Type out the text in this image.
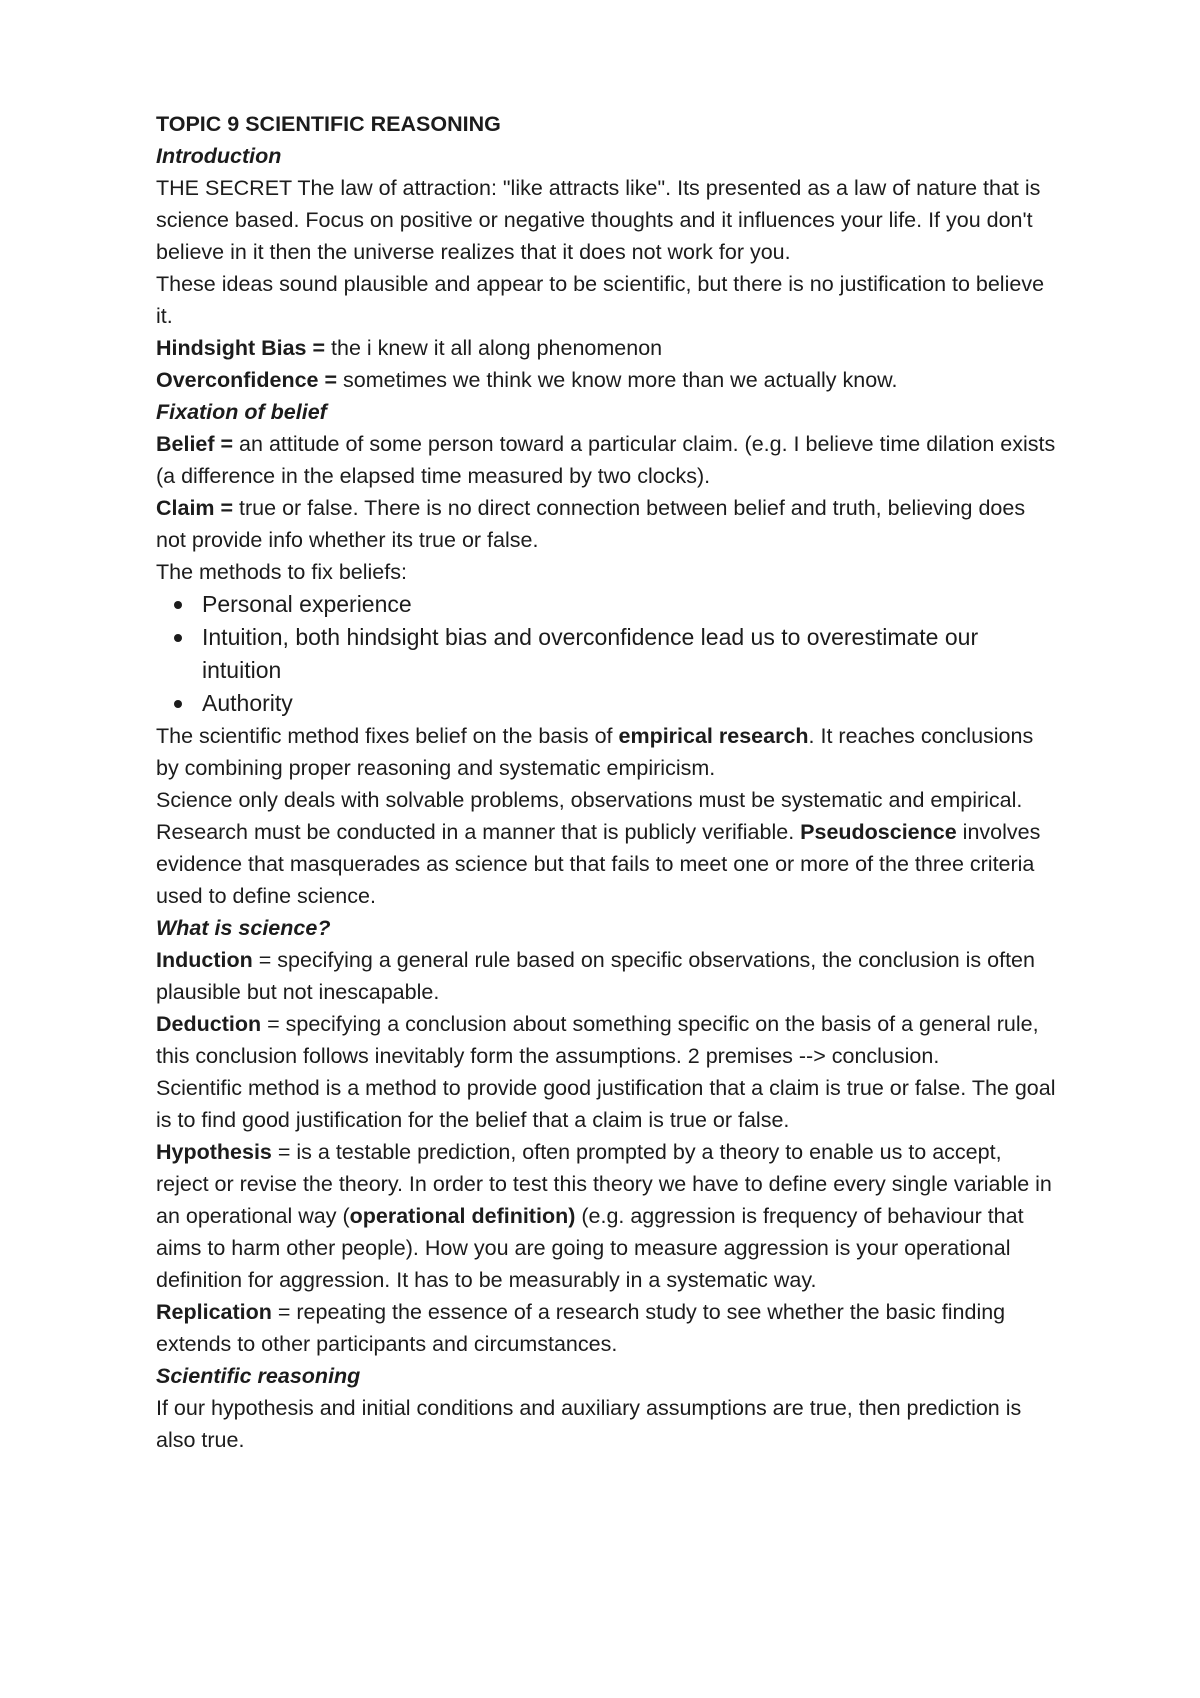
TOPIC 9 SCIENTIFIC REASONING

Introduction

THE SECRET The law of attraction: "like attracts like". Its presented as a law of nature that is science based. Focus on positive or negative thoughts and it influences your life. If you don't believe in it then the universe realizes that it does not work for you.

These ideas sound plausible and appear to be scientific, but there is no justification to believe it.

Hindsight Bias = the i knew it all along phenomenon

Overconfidence = sometimes we think we know more than we actually know.

Fixation of belief

Belief = an attitude of some person toward a particular claim. (e.g. I believe time dilation exists (a difference in the elapsed time measured by two clocks).

Claim = true or false. There is no direct connection between belief and truth, believing does not provide info whether its true or false.

The methods to fix beliefs:

Personal experience
Intuition, both hindsight bias and overconfidence lead us to overestimate our intuition
Authority

The scientific method fixes belief on the basis of empirical research. It reaches conclusions by combining proper reasoning and systematic empiricism.

Science only deals with solvable problems, observations must be systematic and empirical. Research must be conducted in a manner that is publicly verifiable. Pseudoscience involves evidence that masquerades as science but that fails to meet one or more of the three criteria used to define science.

What is science?

Induction = specifying a general rule based on specific observations, the conclusion is often plausible but not inescapable.

Deduction = specifying a conclusion about something specific on the basis of a general rule, this conclusion follows inevitably form the assumptions. 2 premises --> conclusion.

Scientific method is a method to provide good justification that a claim is true or false. The goal is to find good justification for the belief that a claim is true or false.

Hypothesis = is a testable prediction, often prompted by a theory to enable us to accept, reject or revise the theory. In order to test this theory we have to define every single variable in an operational way (operational definition) (e.g. aggression is frequency of behaviour that aims to harm other people). How you are going to measure aggression is your operational definition for aggression. It has to be measurably in a systematic way.

Replication = repeating the essence of a research study to see whether the basic finding extends to other participants and circumstances.

Scientific reasoning

If our hypothesis and initial conditions and auxiliary assumptions are true, then prediction is also true.
